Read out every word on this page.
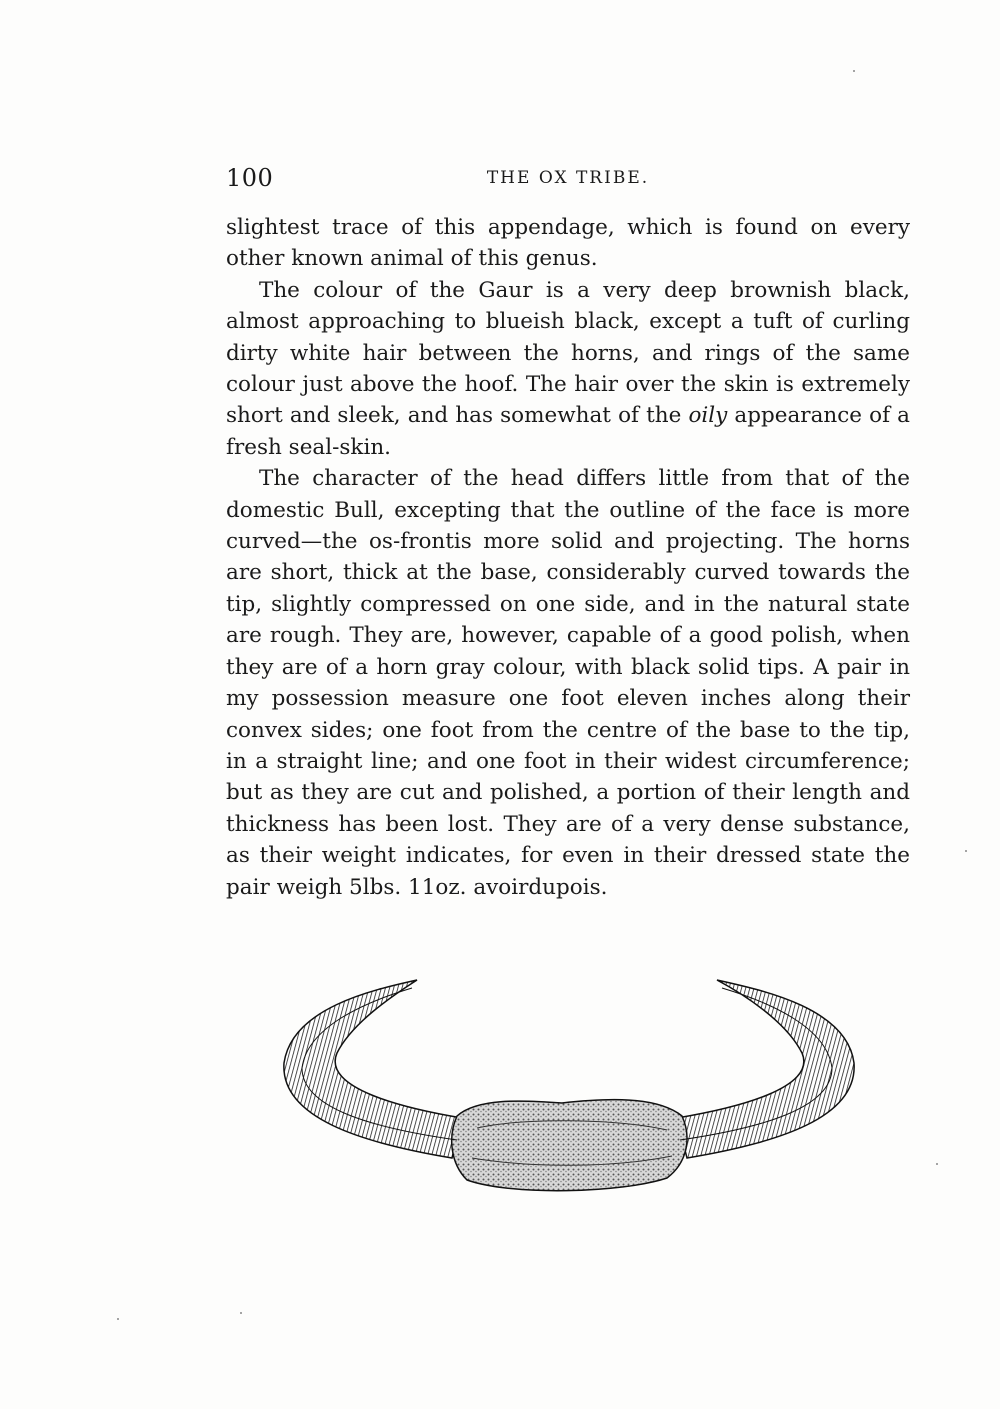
100	THE OX TRIBE.

slightest trace of this appendage, which is found on every other known animal of this genus.

The colour of the Gaur is a very deep brownish black, almost approaching to blueish black, except a tuft of curling dirty white hair between the horns, and rings of the same colour just above the hoof. The hair over the skin is extremely short and sleek, and has somewhat of the oily appearance of a fresh seal-skin.

The character of the head differs little from that of the domestic Bull, excepting that the outline of the face is more curved—the os-frontis more solid and projecting. The horns are short, thick at the base, considerably curved towards the tip, slightly compressed on one side, and in the natural state are rough. They are, however, capable of a good polish, when they are of a horn gray colour, with black solid tips. A pair in my possession measure one foot eleven inches along their convex sides; one foot from the centre of the base to the tip, in a straight line; and one foot in their widest circumference; but as they are cut and polished, a portion of their length and thickness has been lost. They are of a very dense substance, as their weight indicates, for even in their dressed state the pair weigh 5lbs. 11oz. avoirdupois.
